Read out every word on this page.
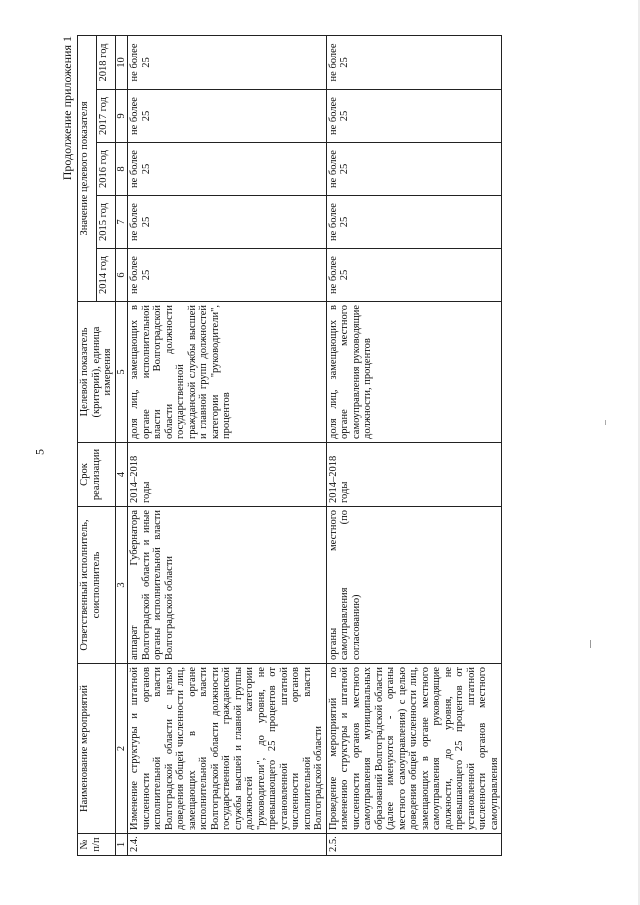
5
Продолжение приложения 1
№ п/п	Наименование мероприятий	Ответственный исполнитель, соисполнитель	Срок реализации	Целевой показатель (критерий), единица измерения	Значение целевого показателя				
					2014 год	2015 год	2016 год	2017 год	2018 год
1	2	3	4	5	6	7	8	9	10
2.4.	Изменение структуры и штатной численности органов исполнительной власти Волгоградской области с целью доведения общей численности лиц, замещающих в органе исполнительной власти Волгоградской области должности государственной гражданской службы высшей и главной группы должностей категории "руководители", до уровня, не превышающего 25 процентов от установленной штатной численности органов исполнительной власти Волгоградской области	аппарат Губернатора Волгоградской области и иные органы исполнительной власти Волгоградской области	2014–2018 годы	доля лиц, замещающих в органе исполнительной власти Волгоградской области должности государственной гражданской службы высшей и главной групп должностей категории "руководители", процентов	не более 25	не более 25	не более 25	не более 25	не более 25
2.5.	Проведение мероприятий по изменению структуры и штатной численности органов местного самоуправления муниципальных образований Волгоградской области (далее именуются - органы местного самоуправления) с целью доведения общей численности лиц, замещающих в органе местного самоуправления руководящие должности, до уровня, не превышающего 25 процентов от установленной штатной численности органов местного самоуправления	органы местного самоуправления (по согласованию)	2014–2018 годы	доля лиц, замещающих в органе местного самоуправления руководящие должности, процентов	не более 25	не более 25	не более 25	не более 25	не более 25
